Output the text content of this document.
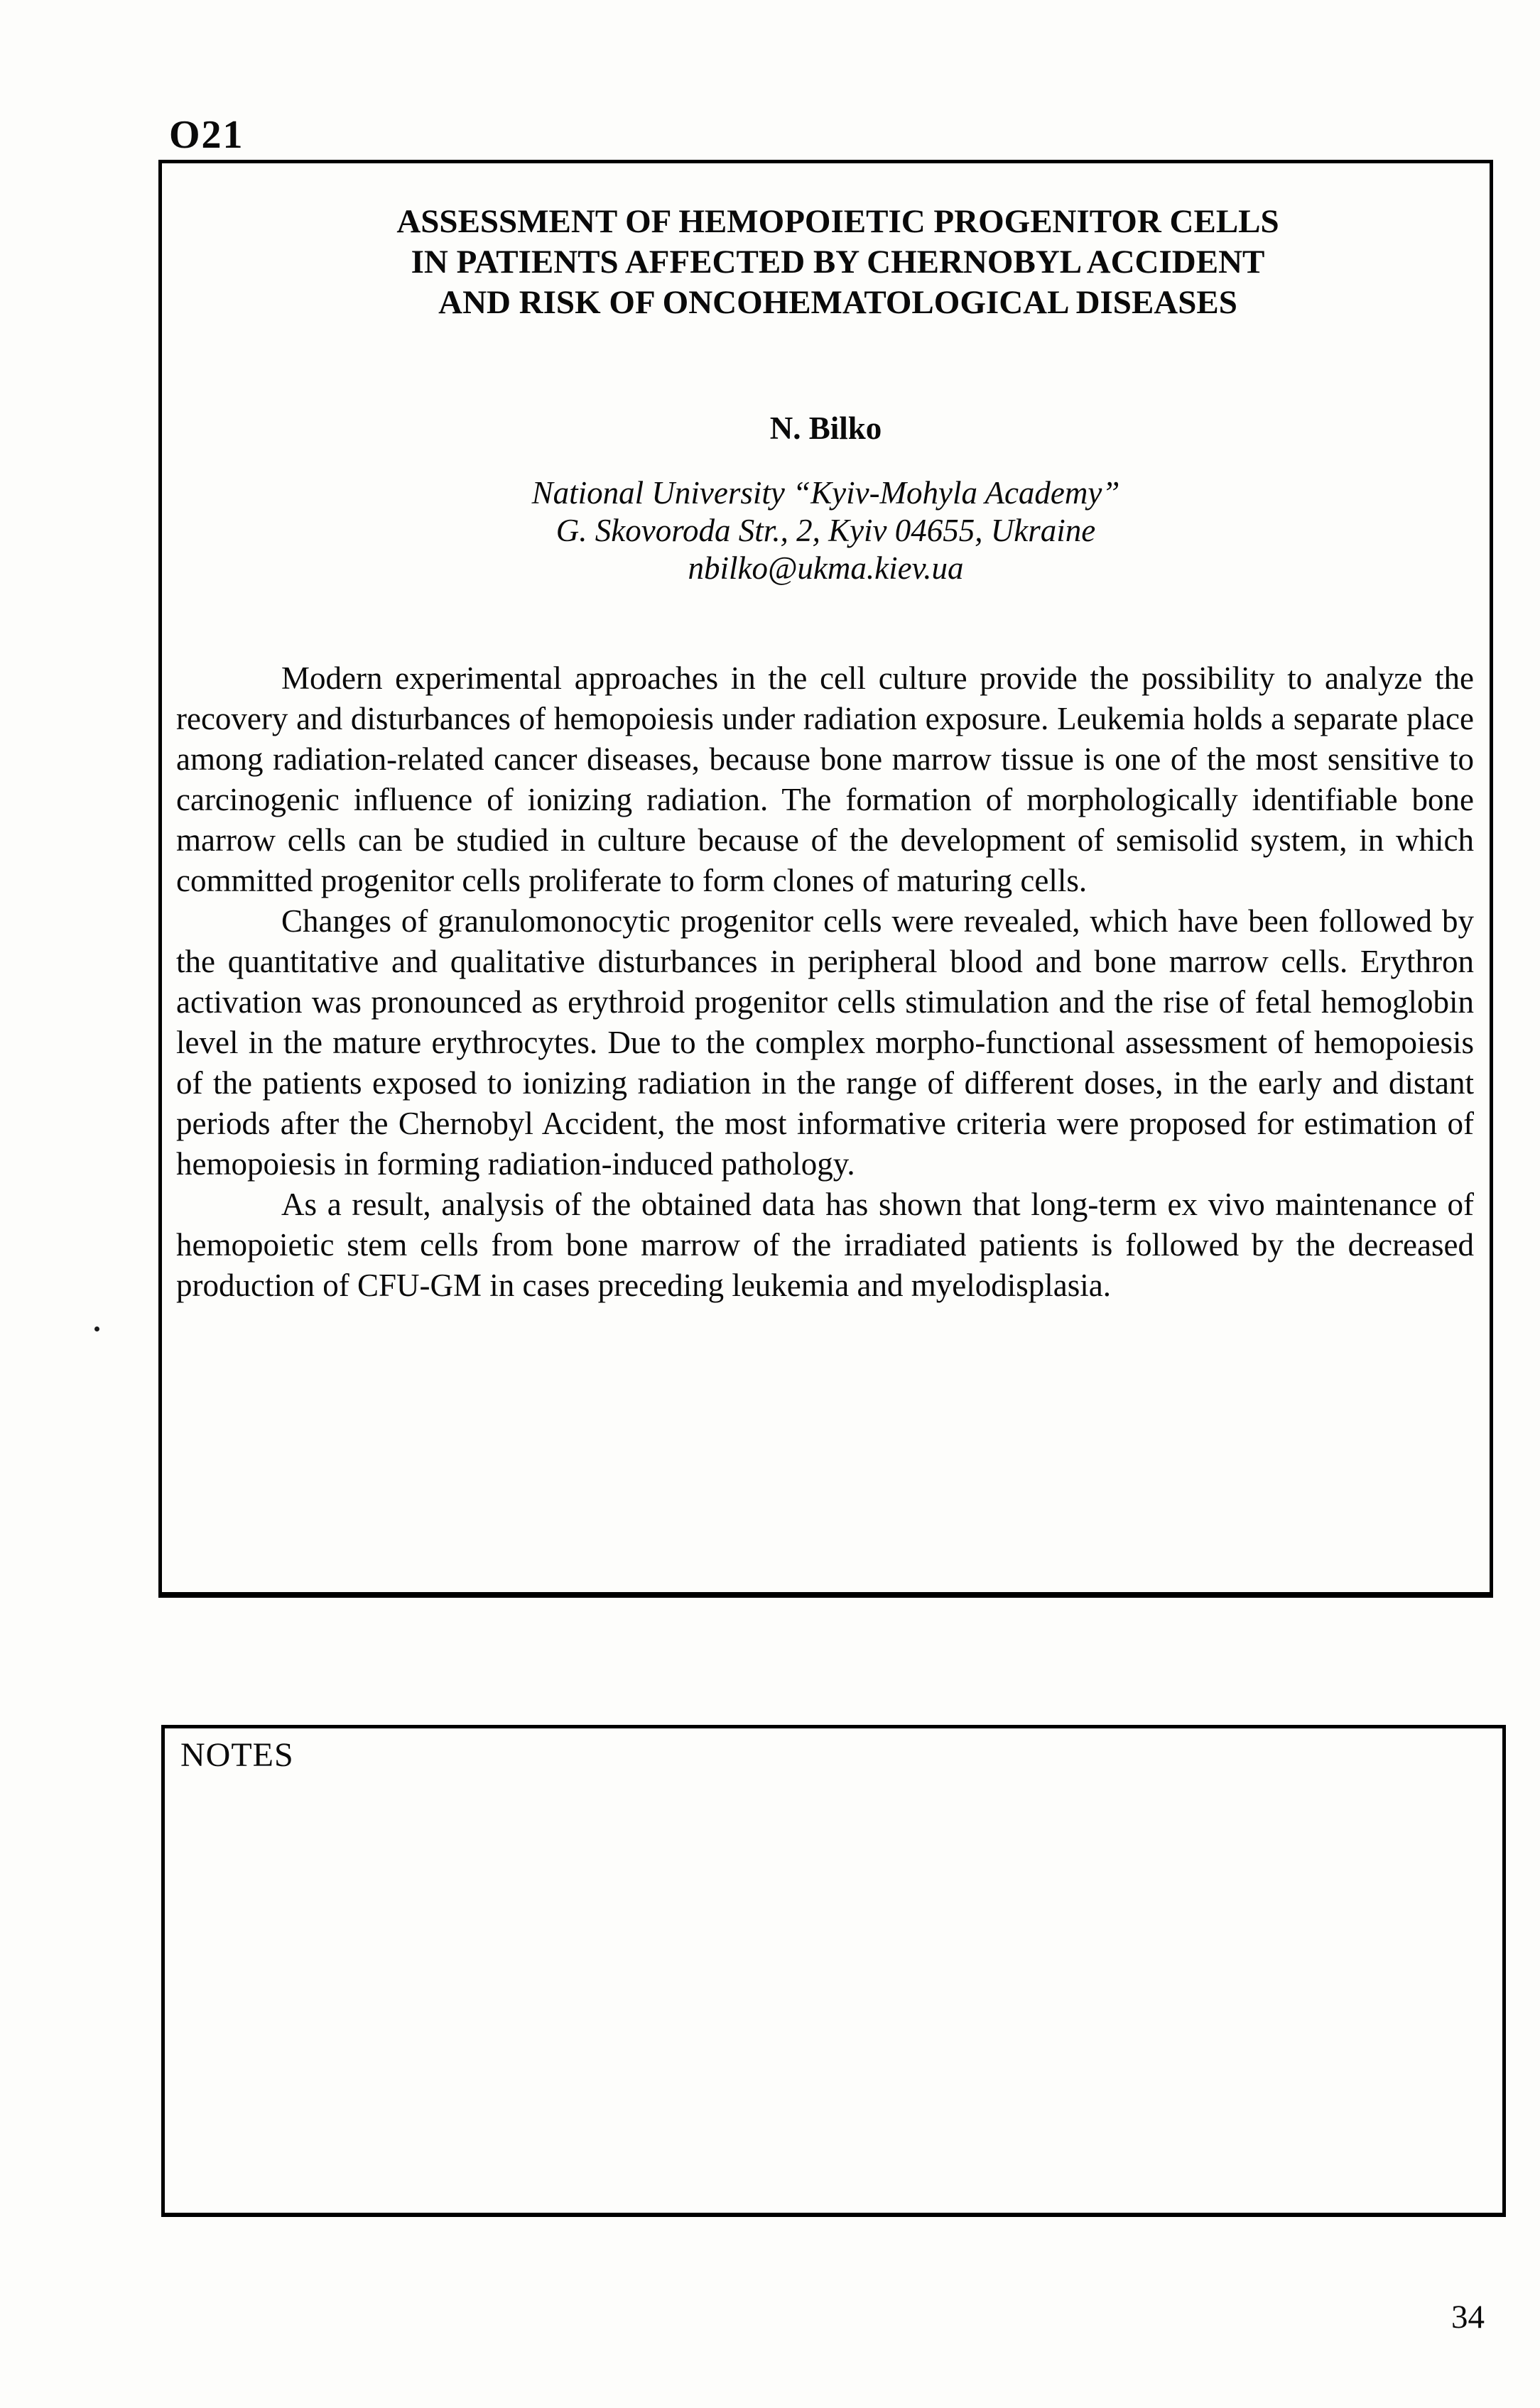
O21
ASSESSMENT OF HEMOPOIETIC PROGENITOR CELLS
IN PATIENTS AFFECTED BY CHERNOBYL ACCIDENT
AND RISK OF ONCOHEMATOLOGICAL DISEASES
N. Bilko
National University “Kyiv-Mohyla Academy”
G. Skovoroda Str., 2, Kyiv 04655, Ukraine
nbilko@ukma.kiev.ua

Modern experimental approaches in the cell culture provide the possibility to analyze the recovery and disturbances of hemopoiesis under radiation exposure. Leukemia holds a separate place among radiation-related cancer diseases, because bone marrow tissue is one of the most sensitive to carcinogenic influence of ionizing radiation. The formation of morphologically identifiable bone marrow cells can be studied in culture because of the development of semisolid system, in which committed progenitor cells proliferate to form clones of maturing cells.

Changes of granulomonocytic progenitor cells were revealed, which have been followed by the quantitative and qualitative disturbances in peripheral blood and bone marrow cells. Erythron activation was pronounced as erythroid progenitor cells stimulation and the rise of fetal hemoglobin level in the mature erythrocytes. Due to the complex morpho-functional assessment of hemopoiesis of the patients exposed to ionizing radiation in the range of different doses, in the early and distant periods after the Chernobyl Accident, the most informative criteria were proposed for estimation of hemopoiesis in forming radiation-induced pathology.

As a result, analysis of the obtained data has shown that long-term ex vivo maintenance of hemopoietic stem cells from bone marrow of the irradiated patients is followed by the decreased production of CFU-GM in cases preceding leukemia and myelodisplasia.

NOTES
34
